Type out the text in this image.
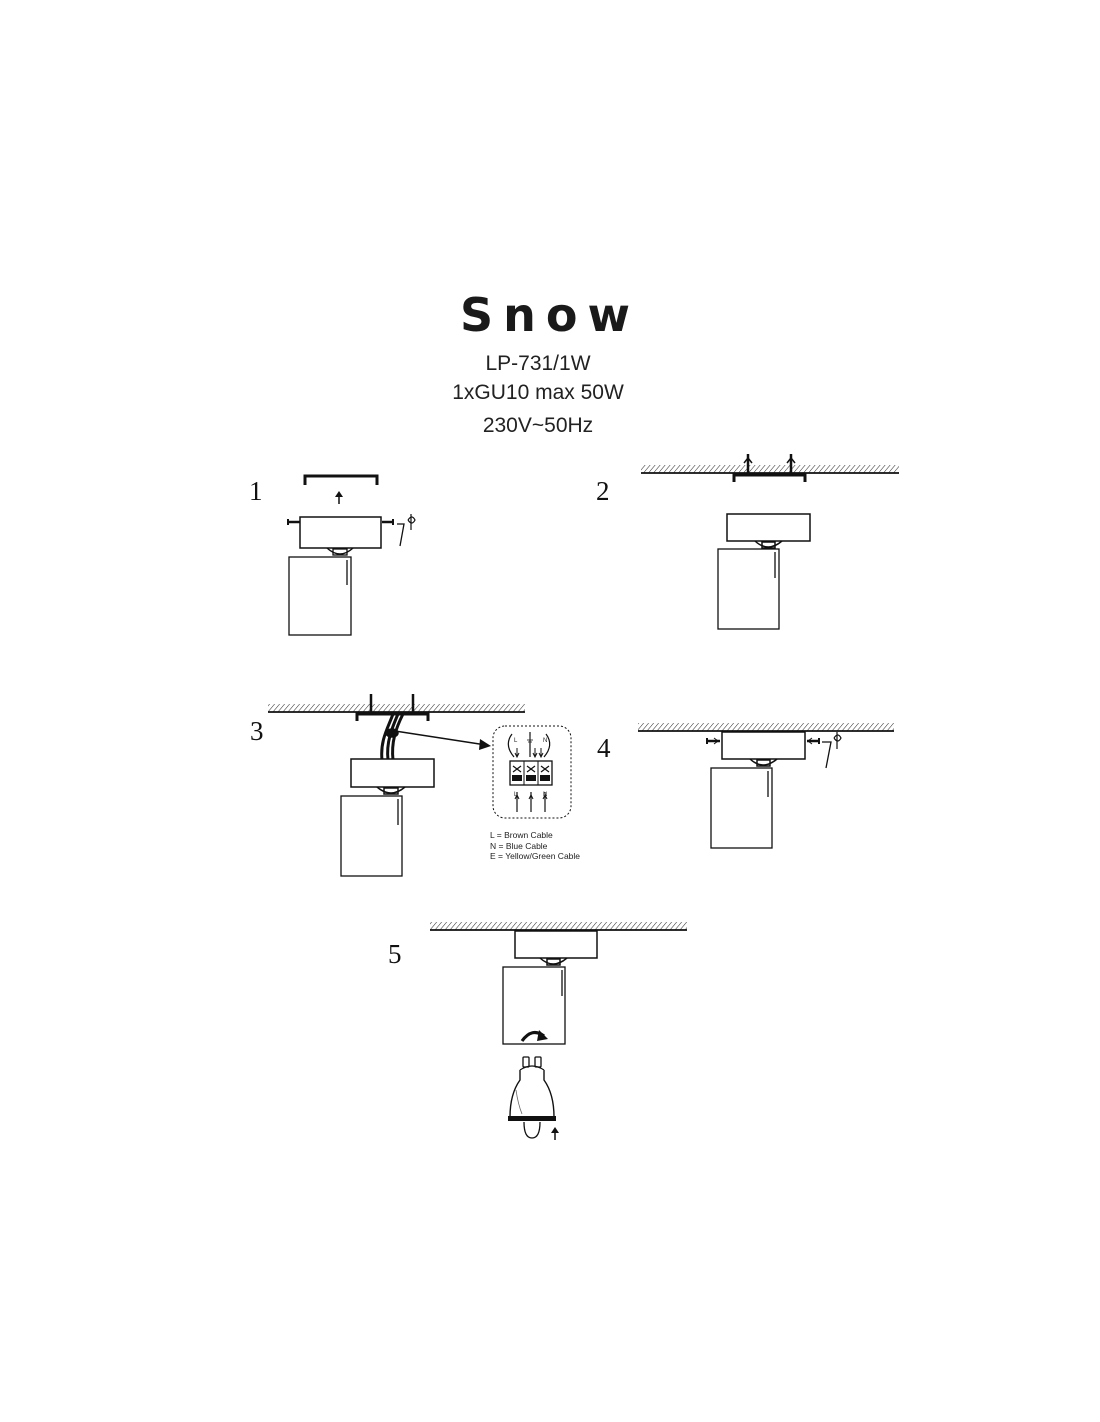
Snow
LP-731/1W
1xGU10 max 50W
230V~50Hz
1	2
3
4
5
L = Brown Cable
N = Blue Cable
E = Yellow/Green Cable
L	N
L	N
